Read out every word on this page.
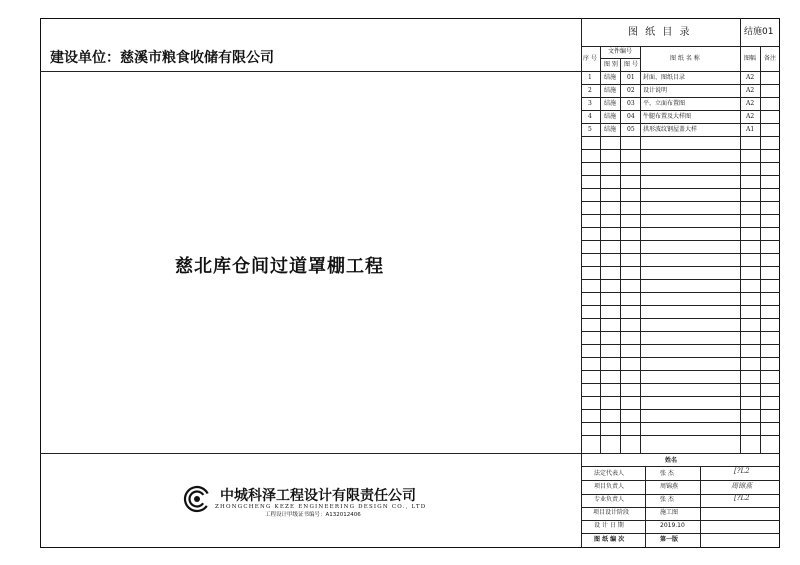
建设单位：慈溪市粮食收储有限公司
慈北库仓间过道罩棚工程
中城科泽工程设计有限责任公司
ZHONGCHENG KEZE ENGINEERING DESIGN CO., LTD
工程设计甲级证书编号：A132012406
图 纸 目 录	结施01
序 号
文件编号
图 别 图 号
图 纸 名 称	图幅 备注
1 结施 01 封面、图纸目录	A2
2 结施 02 设计说明	A2
3 结施 03 平、立面布置图	A2
4 结施 04 牛腿布置及大样图	A2
5 结施 05 拱形波纹钢屋盖大样	A1
姓名
法定代表人	张 杰	[?L2
项目负责人	周锦燕	周锦燕
专业负责人	张 杰	[?L2
项目设计阶段	施工图
设 计 日 期	2019.10
图 纸 编 次	第一版
